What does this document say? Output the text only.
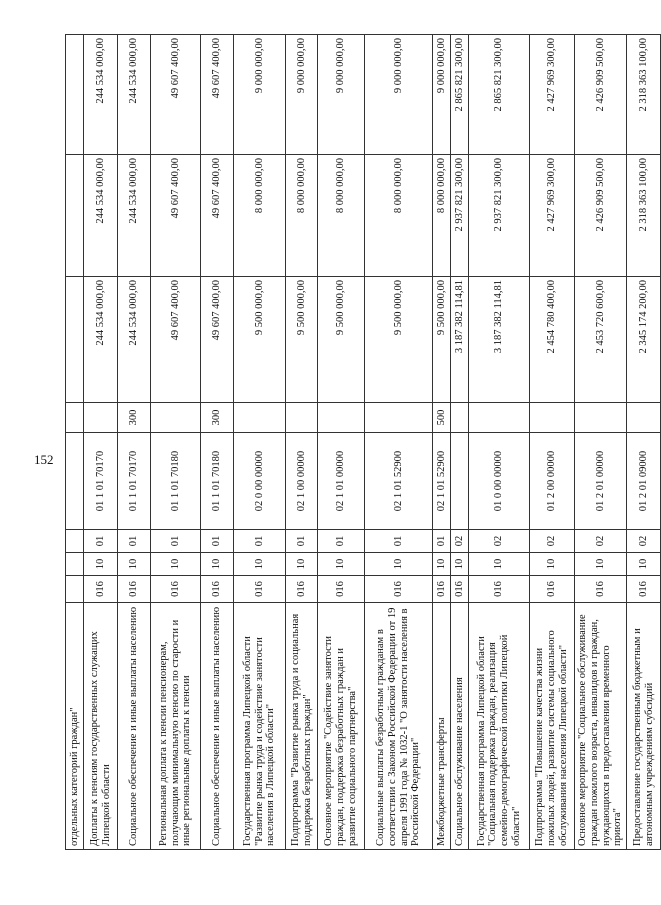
152
отдельных категорий граждан"								
Доплаты к пенсиям государственных служащих Липецкой области	016	10	01	01 1 01 70170		244 534 000,00	244 534 000,00	244 534 000,00
Социальное обеспечение и иные выплаты населению	016	10	01	01 1 01 70170	300	244 534 000,00	244 534 000,00	244 534 000,00
Региональная доплата к пенсии пенсионерам, получающим минимальную пенсию по старости и иные региональные доплаты к пенсии	016	10	01	01 1 01 70180		49 607 400,00	49 607 400,00	49 607 400,00
Социальное обеспечение и иные выплаты населению	016	10	01	01 1 01 70180	300	49 607 400,00	49 607 400,00	49 607 400,00
Государственная программа Липецкой области "Развитие рынка труда и содействие занятости населения в Липецкой области"	016	10	01	02 0 00 00000		9 500 000,00	8 000 000,00	9 000 000,00
Подпрограмма "Развитие рынка труда и социальная поддержка безработных граждан"	016	10	01	02 1 00 00000		9 500 000,00	8 000 000,00	9 000 000,00
Основное мероприятие "Содействие занятости граждан, поддержка безработных граждан и развитие социального партнерства"	016	10	01	02 1 01 00000		9 500 000,00	8 000 000,00	9 000 000,00
Социальные выплаты безработным гражданам в соответствии с Законом Российской Федерации от 19 апреля 1991 года № 1032-1 "О занятости населения в Российской Федерации"	016	10	01	02 1 01 52900		9 500 000,00	8 000 000,00	9 000 000,00
Межбюджетные трансферты	016	10	01	02 1 01 52900	500	9 500 000,00	8 000 000,00	9 000 000,00
Социальное обслуживание населения	016	10	02			3 187 382 114,81	2 937 821 300,00	2 865 821 300,00
Государственная программа Липецкой области "Социальная поддержка граждан, реализация семейно-демографической политики Липецкой области"	016	10	02	01 0 00 00000		3 187 382 114,81	2 937 821 300,00	2 865 821 300,00
Подпрограмма "Повышение качества жизни пожилых людей, развитие системы социального обслуживания населения Липецкой области"	016	10	02	01 2 00 00000		2 454 780 400,00	2 427 969 300,00	2 427 969 300,00
Основное мероприятие "Социальное обслуживание граждан пожилого возраста, инвалидов и граждан, нуждающихся в предоставлении временного приюта"	016	10	02	01 2 01 00000		2 453 720 600,00	2 426 909 500,00	2 426 909 500,00
Предоставление государственным бюджетным и автономным учреждениям субсидий	016	10	02	01 2 01 09000		2 345 174 200,00	2 318 363 100,00	2 318 363 100,00
